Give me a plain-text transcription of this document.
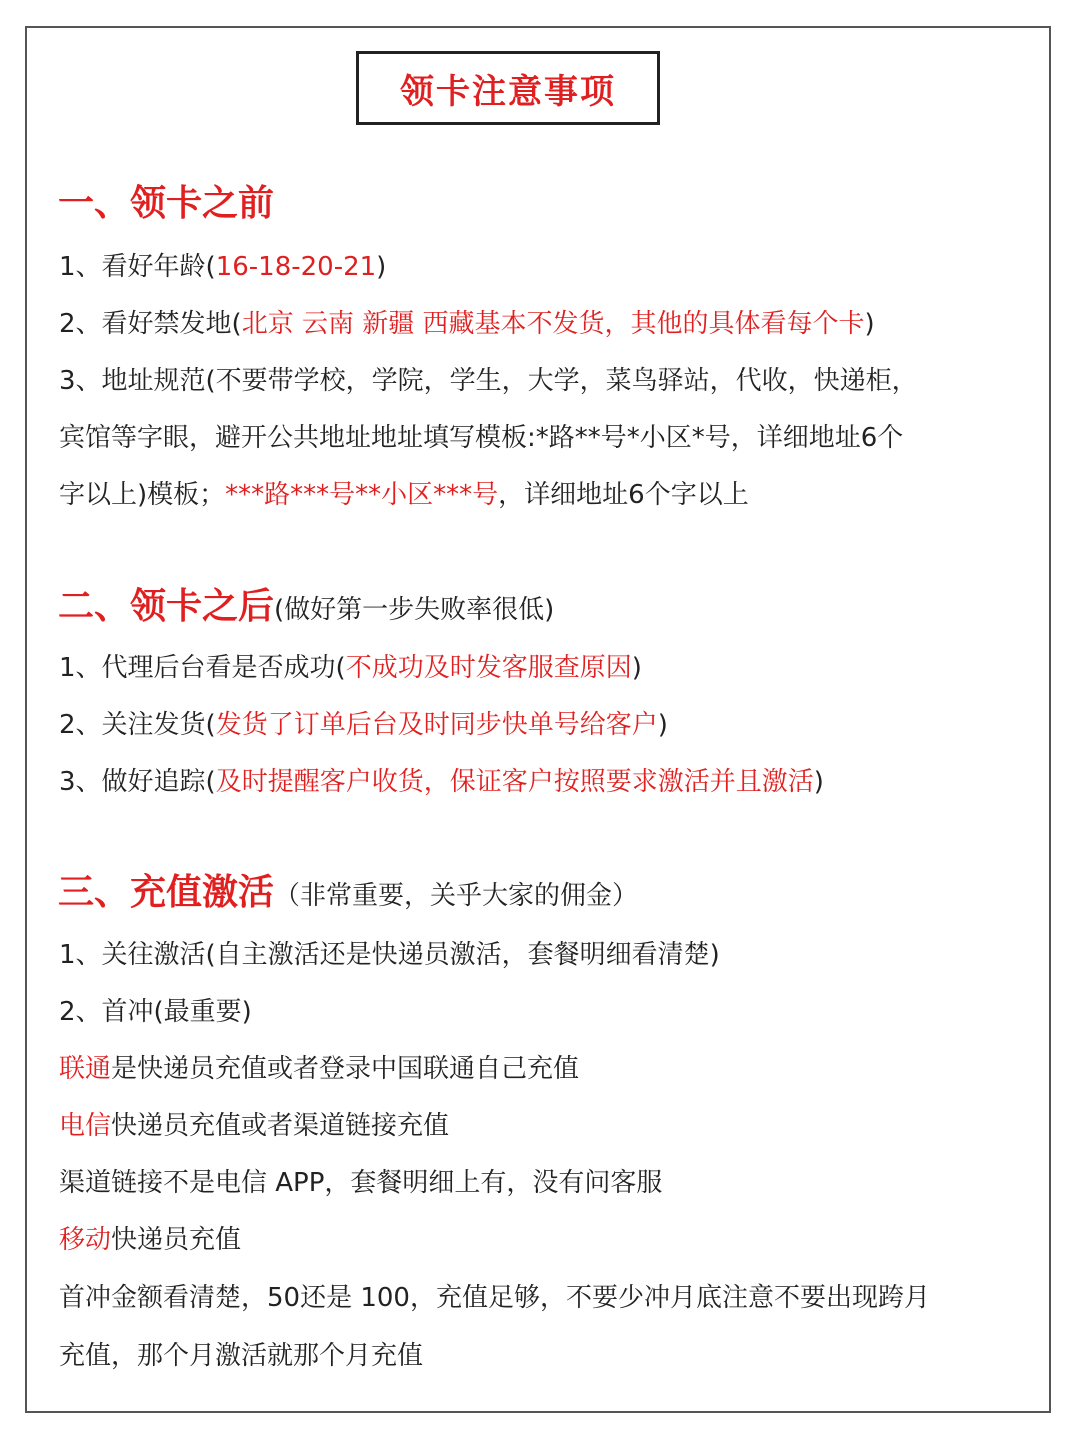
领卡注意事项
一、领卡之前
1、看好年龄(16-18-20-21)
2、看好禁发地(北京 云南 新疆 西藏基本不发货，其他的具体看每个卡)
3、地址规范(不要带学校，学院，学生，大学，菜鸟驿站，代收，快递柜，
宾馆等字眼，避开公共地址地址填写模板:*路**号*小区*号，详细地址6个
字以上)模板；***路***号**小区***号，详细地址6个字以上
二、领卡之后(做好第一步失败率很低)
1、代理后台看是否成功(不成功及时发客服查原因)
2、关注发货(发货了订单后台及时同步快单号给客户)
3、做好追踪(及时提醒客户收货，保证客户按照要求激活并且激活)
三、充值激活（非常重要，关乎大家的佣金）
1、关往激活(自主激活还是快递员激活，套餐明细看清楚)
2、首冲(最重要)
联通是快递员充值或者登录中国联通自己充值
电信快递员充值或者渠道链接充值
渠道链接不是电信 APP，套餐明细上有，没有问客服
移动快递员充值
首冲金额看清楚，50还是 100，充值足够，不要少冲月底注意不要出现跨月
充值，那个月激活就那个月充值
